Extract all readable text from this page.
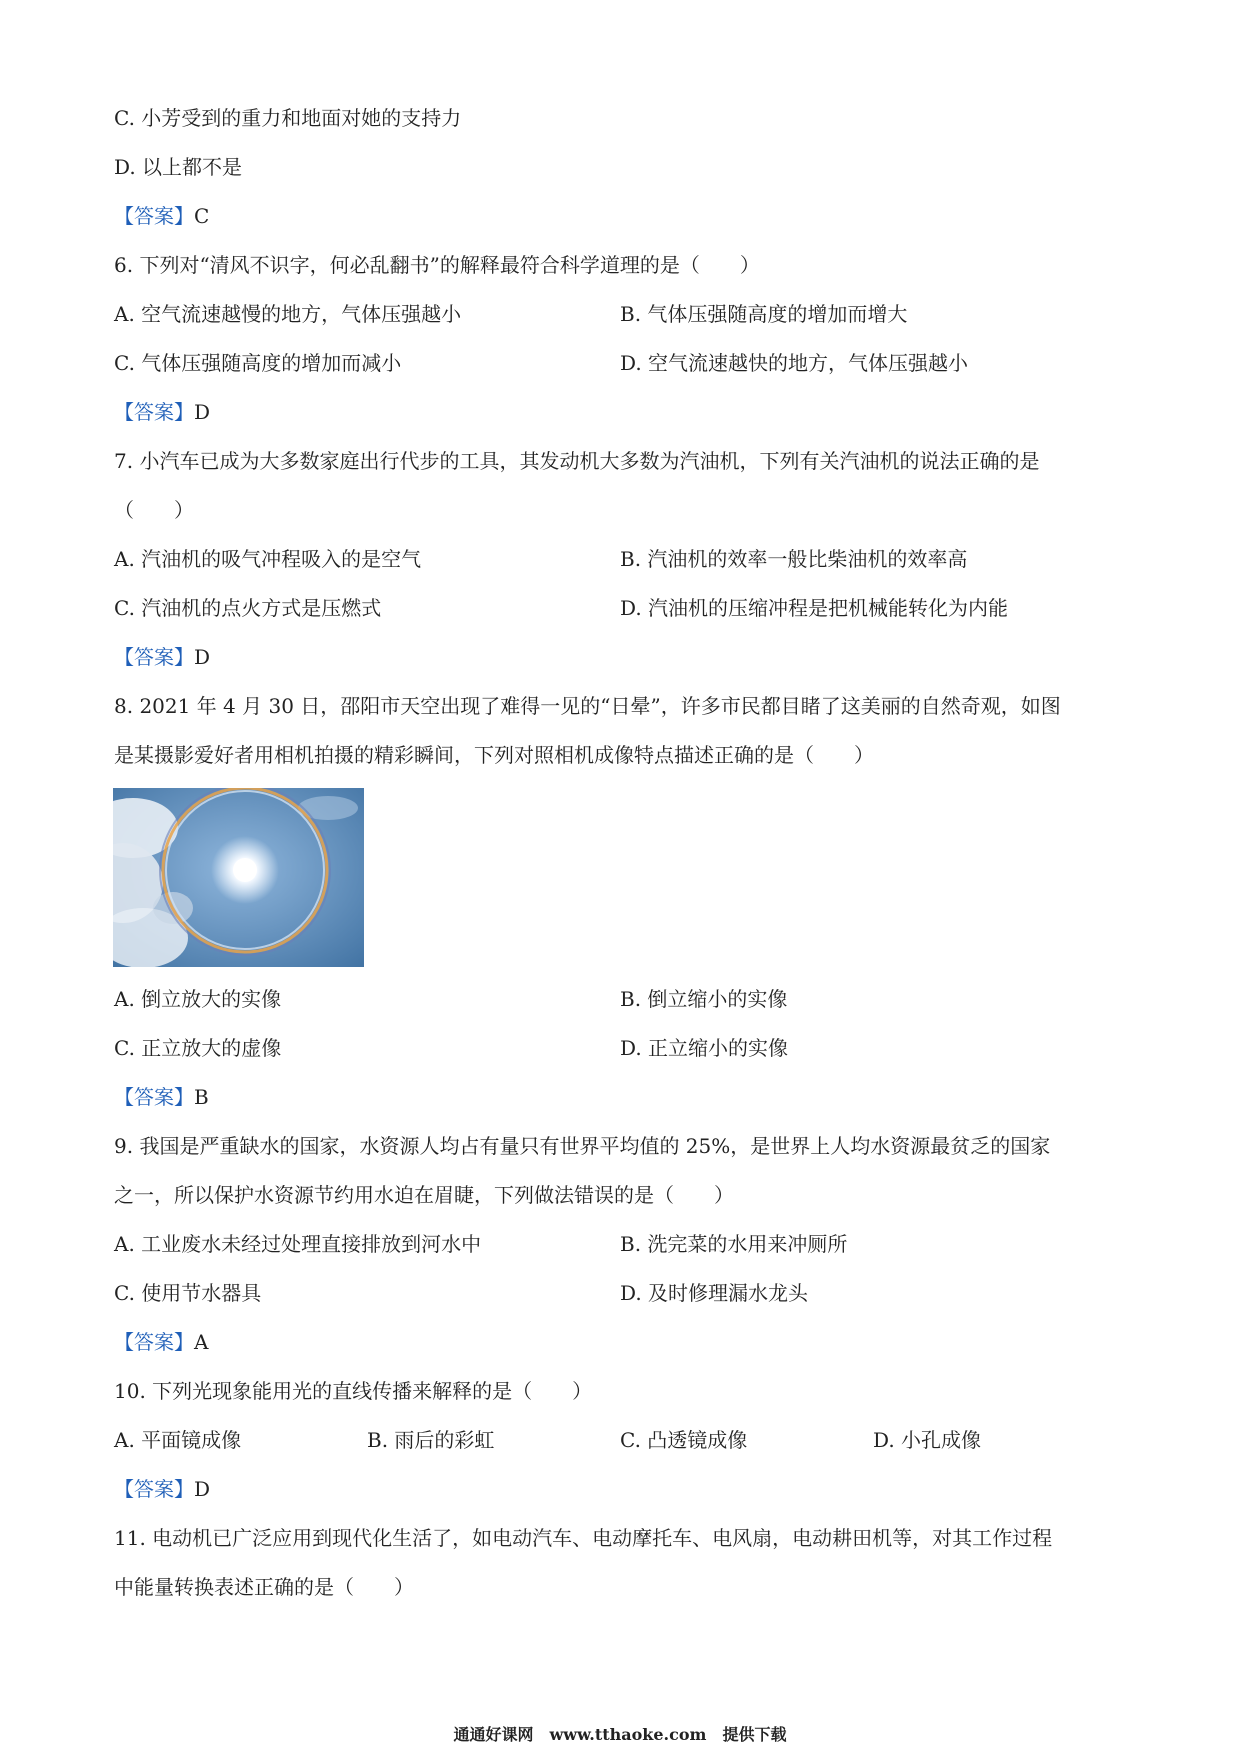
C. 小芳受到的重力和地面对她的支持力
D. 以上都不是
【答案】C
6. 下列对“清风不识字，何必乱翻书”的解释最符合科学道理的是（　　）
A. 空气流速越慢的地方，气体压强越小	B. 气体压强随高度的增加而增大
C. 气体压强随高度的增加而减小	D. 空气流速越快的地方，气体压强越小
【答案】D
7. 小汽车已成为大多数家庭出行代步的工具，其发动机大多数为汽油机，下列有关汽油机的说法正确的是
（　　）
A. 汽油机的吸气冲程吸入的是空气	B. 汽油机的效率一般比柴油机的效率高
C. 汽油机的点火方式是压燃式	D. 汽油机的压缩冲程是把机械能转化为内能
【答案】D
8. 2021 年 4 月 30 日，邵阳市天空出现了难得一见的“日晕”，许多市民都目睹了这美丽的自然奇观，如图
是某摄影爱好者用相机拍摄的精彩瞬间，下列对照相机成像特点描述正确的是（　　）
A. 倒立放大的实像	B. 倒立缩小的实像
C. 正立放大的虚像	D. 正立缩小的实像
【答案】B
9. 我国是严重缺水的国家，水资源人均占有量只有世界平均值的 25%，是世界上人均水资源最贫乏的国家
之一，所以保护水资源节约用水迫在眉睫，下列做法错误的是（　　）
A. 工业废水未经过处理直接排放到河水中	B. 洗完菜的水用来冲厕所
C. 使用节水器具	D. 及时修理漏水龙头
【答案】A
10. 下列光现象能用光的直线传播来解释的是（　　）
A. 平面镜成像	B. 雨后的彩虹	C. 凸透镜成像	D. 小孔成像
【答案】D
11. 电动机已广泛应用到现代化生活了，如电动汽车、电动摩托车、电风扇，电动耕田机等，对其工作过程
中能量转换表述正确的是（　　）
通通好课网　www.tthaoke.com　提供下载
